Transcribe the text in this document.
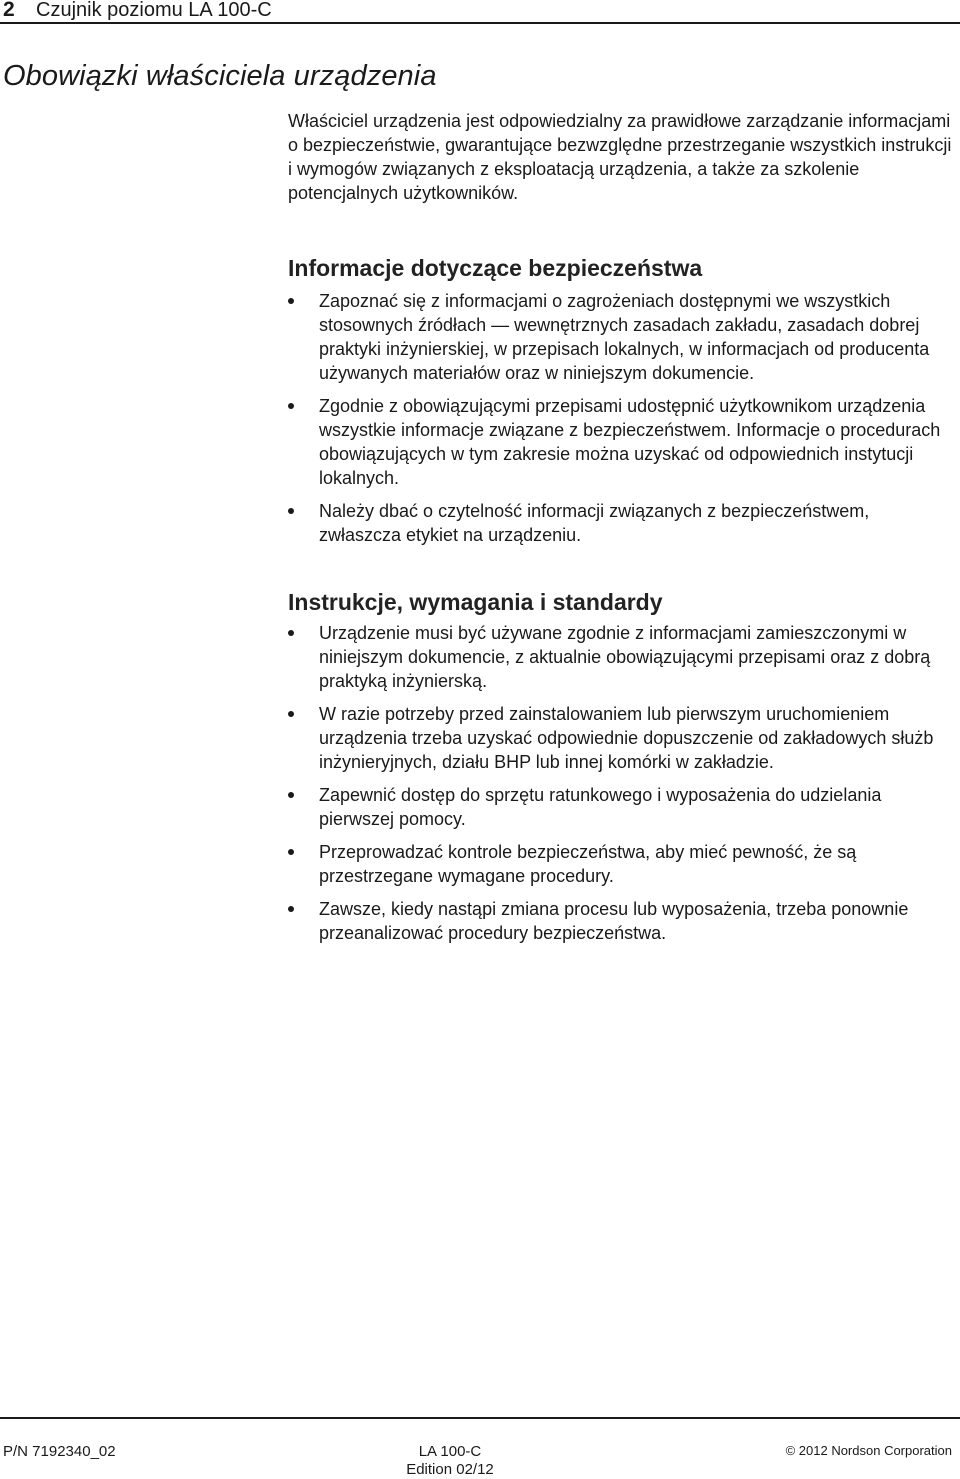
2 Czujnik poziomu LA 100-C
Obowiązki właściciela urządzenia

Właściciel urządzenia jest odpowiedzialny za prawidłowe zarządzanie informacjami o bezpieczeństwie, gwarantujące bezwzględne przestrzeganie wszystkich instrukcji i wymogów związanych z eksploatacją urządzenia, a także za szkolenie potencjalnych użytkowników.

Informacje dotyczące bezpieczeństwa
Zapoznać się z informacjami o zagrożeniach dostępnymi we wszystkich stosownych źródłach — wewnętrznych zasadach zakładu, zasadach dobrej praktyki inżynierskiej, w przepisach lokalnych, w informacjach od producenta używanych materiałów oraz w niniejszym dokumencie.
Zgodnie z obowiązującymi przepisami udostępnić użytkownikom urządzenia wszystkie informacje związane z bezpieczeństwem. Informacje o procedurach obowiązujących w tym zakresie można uzyskać od odpowiednich instytucji lokalnych.
Należy dbać o czytelność informacji związanych z bezpieczeństwem, zwłaszcza etykiet na urządzeniu.
Instrukcje, wymagania i standardy
Urządzenie musi być używane zgodnie z informacjami zamieszczonymi w niniejszym dokumencie, z aktualnie obowiązującymi przepisami oraz z dobrą praktyką inżynierską.
W razie potrzeby przed zainstalowaniem lub pierwszym uruchomieniem urządzenia trzeba uzyskać odpowiednie dopuszczenie od zakładowych służb inżynieryjnych, działu BHP lub innej komórki w zakładzie.
Zapewnić dostęp do sprzętu ratunkowego i wyposażenia do udzielania pierwszej pomocy.
Przeprowadzać kontrole bezpieczeństwa, aby mieć pewność, że są przestrzegane wymagane procedury.
Zawsze, kiedy nastąpi zmiana procesu lub wyposażenia, trzeba ponownie przeanalizować procedury bezpieczeństwa.
P/N 7192340_02	LA 100-C
Edition 02/12
© 2012 Nordson Corporation
